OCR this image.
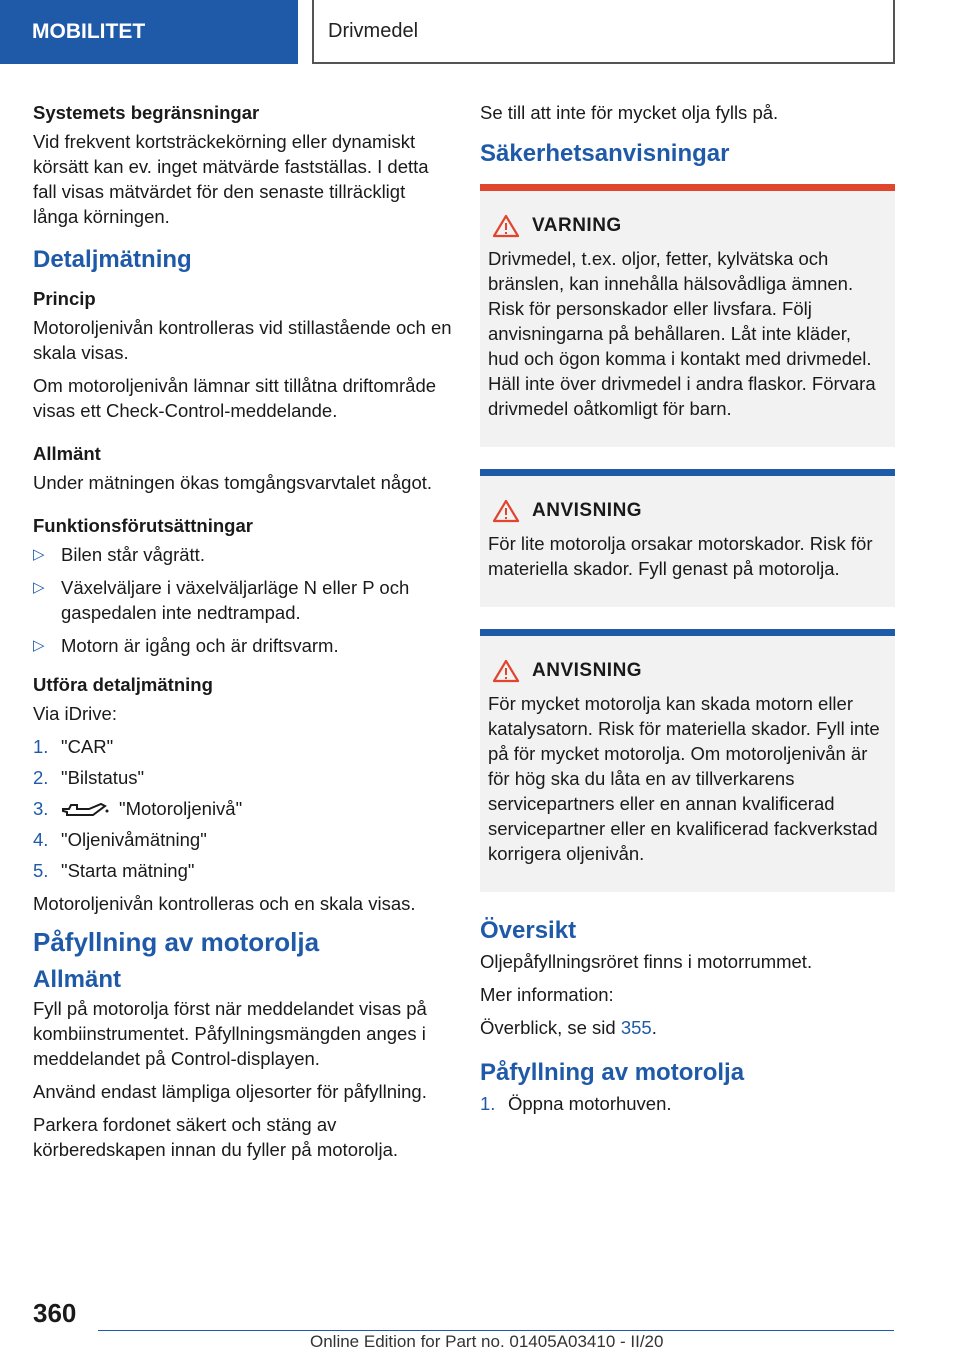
MOBILITET	Drivmedel
Systemets begränsningar

Vid frekvent kortsträckekörning eller dynamiskt körsätt kan ev. inget mätvärde fastställas. I detta fall visas mätvärdet för den senaste tillräckligt långa körningen.

Detaljmätning
Princip

Motoroljenivån kontrolleras vid stillastående och en skala visas.

Om motoroljenivån lämnar sitt tillåtna driftområde visas ett Check-Control-meddelande.

Allmänt

Under mätningen ökas tomgångsvarvtalet något.

Funktionsförutsättningar
▷ Bilen står vågrätt.
▷ Växelväljare i växelväljarläge N eller P och gaspedalen inte nedtrampad.
▷ Motorn är igång och är driftsvarm.
Utföra detaljmätning

Via iDrive:

1. "CAR"
2. "Bilstatus"
3.	"Motoroljenivå"
4. "Oljenivåmätning"
5. "Starta mätning"

Motoroljenivån kontrolleras och en skala visas.

Påfyllning av motorolja
Allmänt

Fyll på motorolja först när meddelandet visas på kombiinstrumentet. Påfyllningsmängden anges i meddelandet på Control-displayen.

Använd endast lämpliga oljesorter för påfyllning.

Parkera fordonet säkert och stäng av körberedskapen innan du fyller på motorolja.

Se till att inte för mycket olja fylls på.

Säkerhetsanvisningar
VARNING

Drivmedel, t.ex. oljor, fetter, kylvätska och bränslen, kan innehålla hälsovådliga ämnen. Risk för personskador eller livsfara. Följ anvisningarna på behållaren. Låt inte kläder, hud och ögon komma i kontakt med drivmedel. Häll inte över drivmedel i andra flaskor. Förvara drivmedel oåtkomligt för barn.

ANVISNING

För lite motorolja orsakar motorskador. Risk för materiella skador. Fyll genast på motorolja.

ANVISNING

För mycket motorolja kan skada motorn eller katalysatorn. Risk för materiella skador. Fyll inte på för mycket motorolja. Om motoroljenivån är för hög ska du låta en av tillverkarens servicepartners eller en annan kvalificerad servicepartner eller en kvalificerad fackverkstad korrigera oljenivån.

Översikt

Oljepåfyllningsröret finns i motorrummet.

Mer information:

Överblick, se sid 355.

Påfyllning av motorolja
1. Öppna motorhuven.
360
Online Edition for Part no. 01405A03410 - II/20
